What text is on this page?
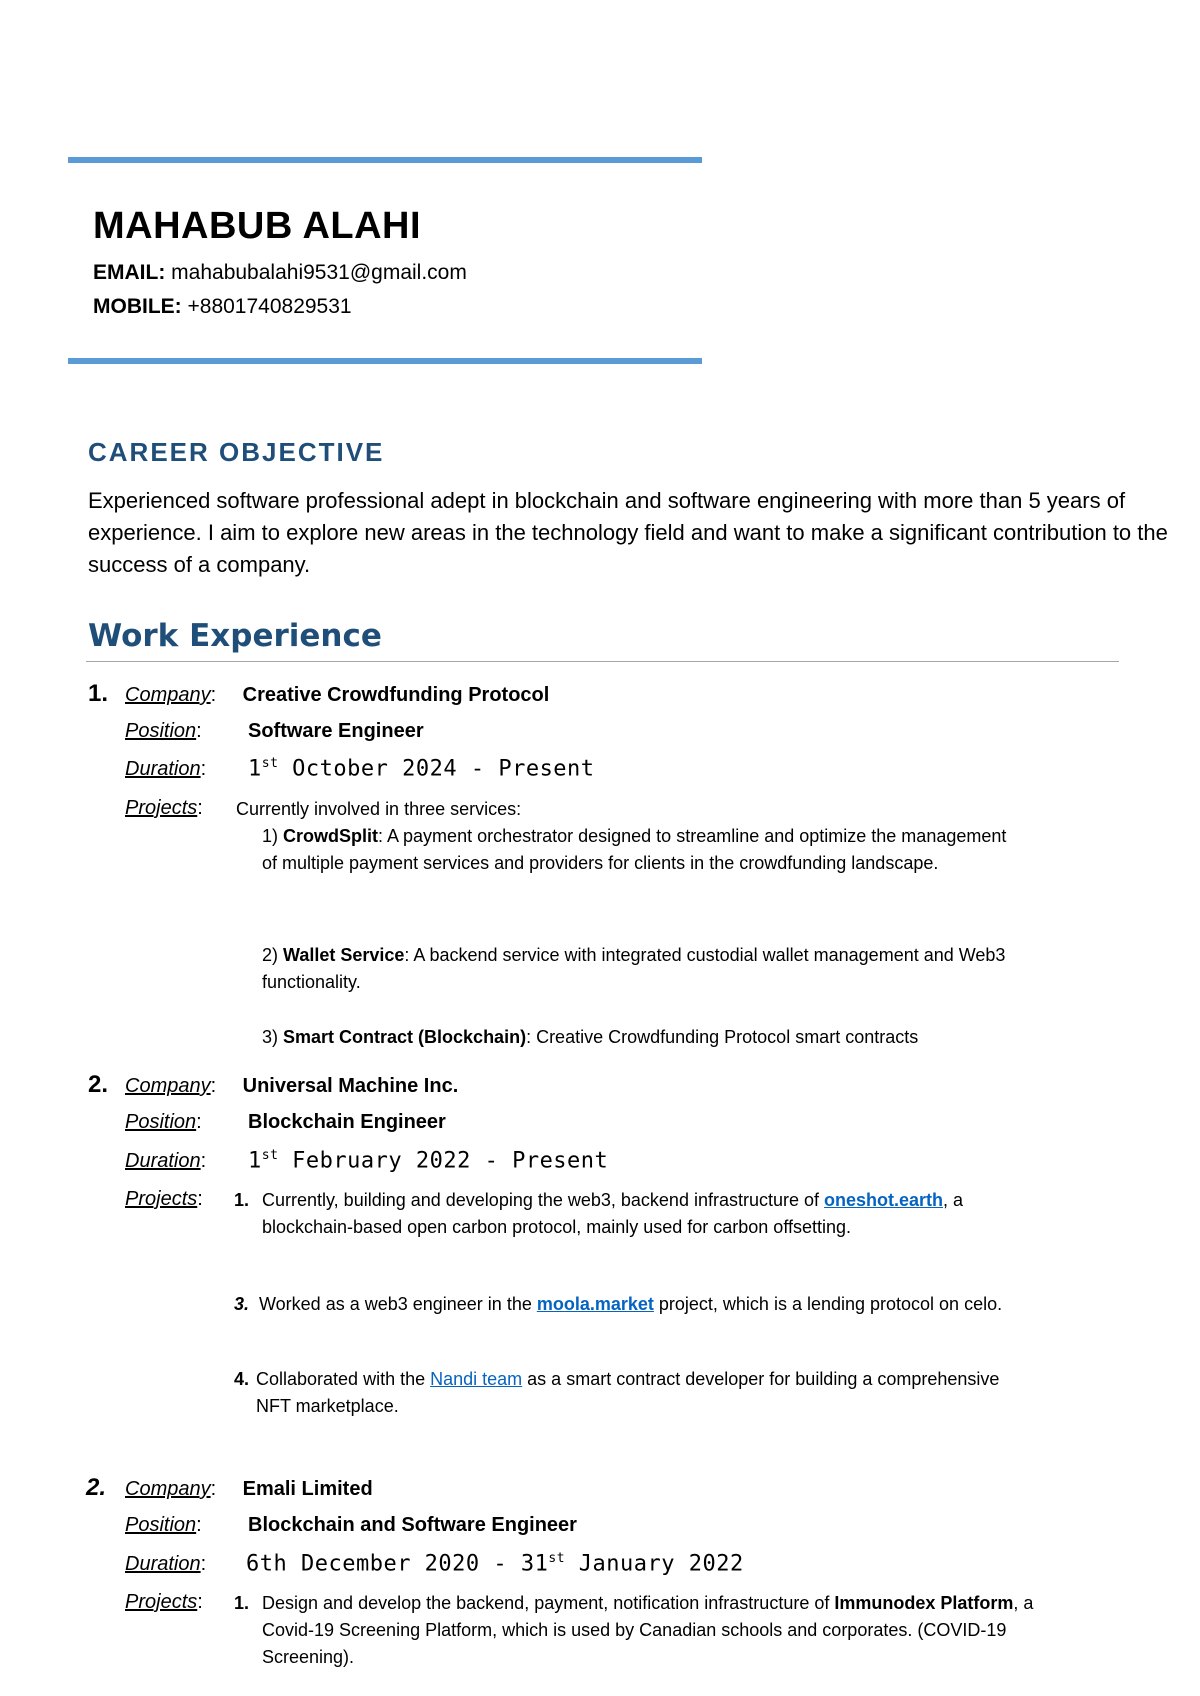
MAHABUB ALAHI
EMAIL: mahabubalahi9531@gmail.com
MOBILE: +8801740829531
CAREER OBJECTIVE
Experienced software professional adept in blockchain and software engineering with more than 5 years of experience. I aim to explore new areas in the technology field and want to make a significant contribution to the success of a company.
Work Experience
1. Company: Creative Crowdfunding Protocol
Position: Software Engineer
Duration: 1st October 2024 - Present
Projects: Currently involved in three services:
1) CrowdSplit: A payment orchestrator designed to streamline and optimize the management of multiple payment services and providers for clients in the crowdfunding landscape.
2) Wallet Service: A backend service with integrated custodial wallet management and Web3 functionality.
3) Smart Contract (Blockchain): Creative Crowdfunding Protocol smart contracts
2. Company: Universal Machine Inc.
Position: Blockchain Engineer
Duration: 1st February 2022 - Present
Projects: 1. Currently, building and developing the web3, backend infrastructure of oneshot.earth, a blockchain-based open carbon protocol, mainly used for carbon offsetting.
3. Worked as a web3 engineer in the moola.market project, which is a lending protocol on celo.
4. Collaborated with the Nandi team as a smart contract developer for building a comprehensive NFT marketplace.
2. Company: Emali Limited
Position: Blockchain and Software Engineer
Duration: 6th December 2020 - 31st January 2022
Projects: 1. Design and develop the backend, payment, notification infrastructure of Immunodex Platform, a Covid-19 Screening Platform, which is used by Canadian schools and corporates. (COVID-19 Screening).
